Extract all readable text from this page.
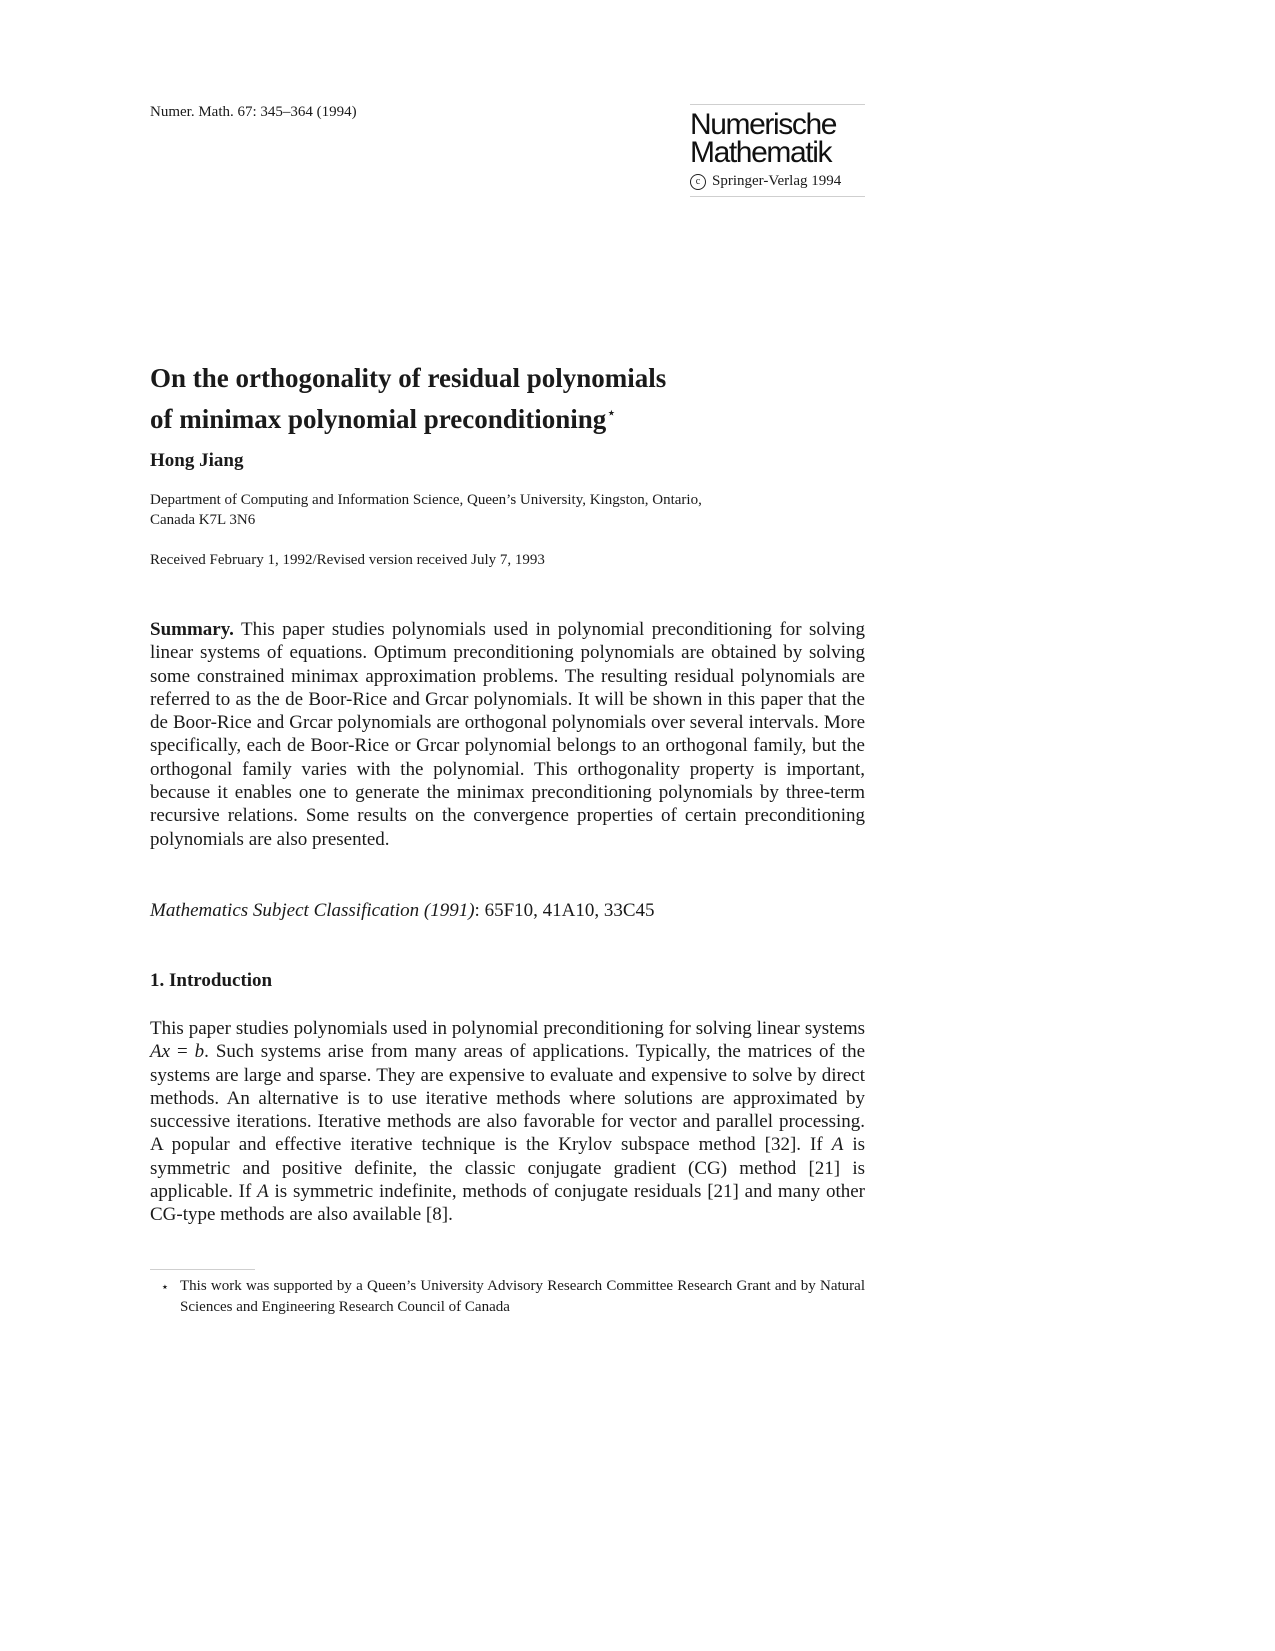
Numer. Math. 67: 345–364 (1994)	Numerische
Mathematik
c Springer-Verlag 1994
On the orthogonality of residual polynomials
of minimax polynomial preconditioning⋆
Hong Jiang
Department of Computing and Information Science, Queen’s University, Kingston, Ontario,
Canada K7L 3N6
Received February 1, 1992/Revised version received July 7, 1993
Summary. This paper studies polynomials used in polynomial preconditioning for solving linear systems of equations. Optimum preconditioning polynomials are obtained by solving some constrained minimax approximation problems. The resulting residual polynomials are referred to as the de Boor-Rice and Grcar polynomials. It will be shown in this paper that the de Boor-Rice and Grcar polynomials are orthogonal polynomials over several intervals. More specifically, each de Boor-Rice or Grcar polynomial belongs to an orthogonal family, but the orthogonal family varies with the polynomial. This orthogonality property is important, because it enables one to generate the minimax preconditioning polynomials by three-term recursive relations. Some results on the convergence properties of certain preconditioning polynomials are also presented.
Mathematics Subject Classification (1991): 65F10, 41A10, 33C45
1. Introduction
This paper studies polynomials used in polynomial preconditioning for solving linear systems Ax = b. Such systems arise from many areas of applications. Typically, the matrices of the systems are large and sparse. They are expensive to evaluate and expensive to solve by direct methods. An alternative is to use iterative methods where solutions are approximated by successive iterations. Iterative methods are also favorable for vector and parallel processing. A popular and effective iterative technique is the Krylov subspace method [32]. If A is symmetric and positive definite, the classic conjugate gradient (CG) method [21] is applicable. If A is symmetric indefinite, methods of conjugate residuals [21] and many other CG-type methods are also available [8].
⋆ This work was supported by a Queen’s University Advisory Research Committee Research Grant and by Natural Sciences and Engineering Research Council of Canada
